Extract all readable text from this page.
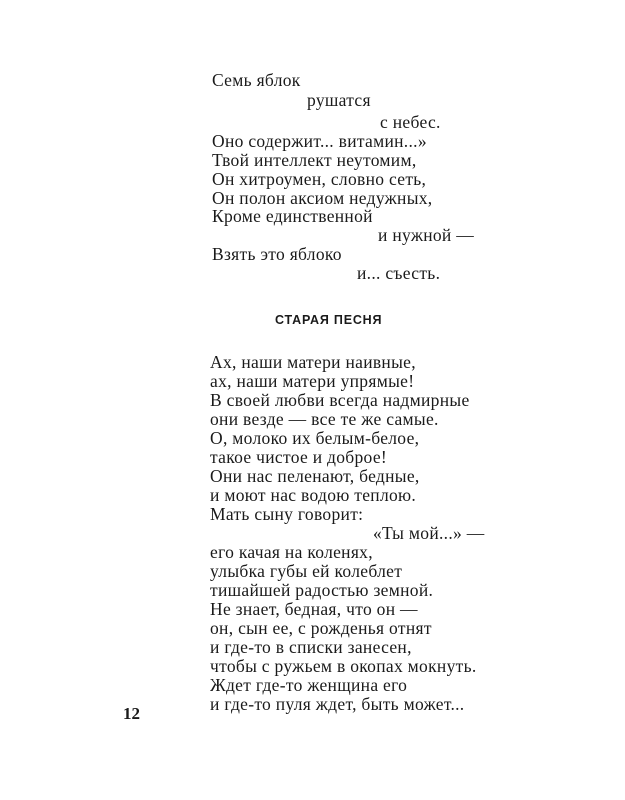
Семь яблок
рушатся
с небес.
Оно содержит... витамин...»
Твой интеллект неутомим,
Он хитроумен, словно сеть,
Он полон аксиом недужных,
Кроме единственной
и нужной —
Взять это яблоко
и... съесть.
СТАРАЯ ПЕСНЯ
Ах, наши матери наивные,
ах, наши матери упрямые!
В своей любви всегда надмирные
они везде — все те же самые.
О, молоко их белым-белое,
такое чистое и доброе!
Они нас пеленают, бедные,
и моют нас водою теплою.
Мать сыну говорит:
«Ты мой...» —
его качая на коленях,
улыбка губы ей колеблет
тишайшей радостью земной.
Не знает, бедная, что он —
он, сын ее, с рожденья отнят
и где-то в списки занесен,
чтобы с ружьем в окопах мокнуть.
Ждет где-то женщина его
и где-то пуля ждет, быть может...
12
